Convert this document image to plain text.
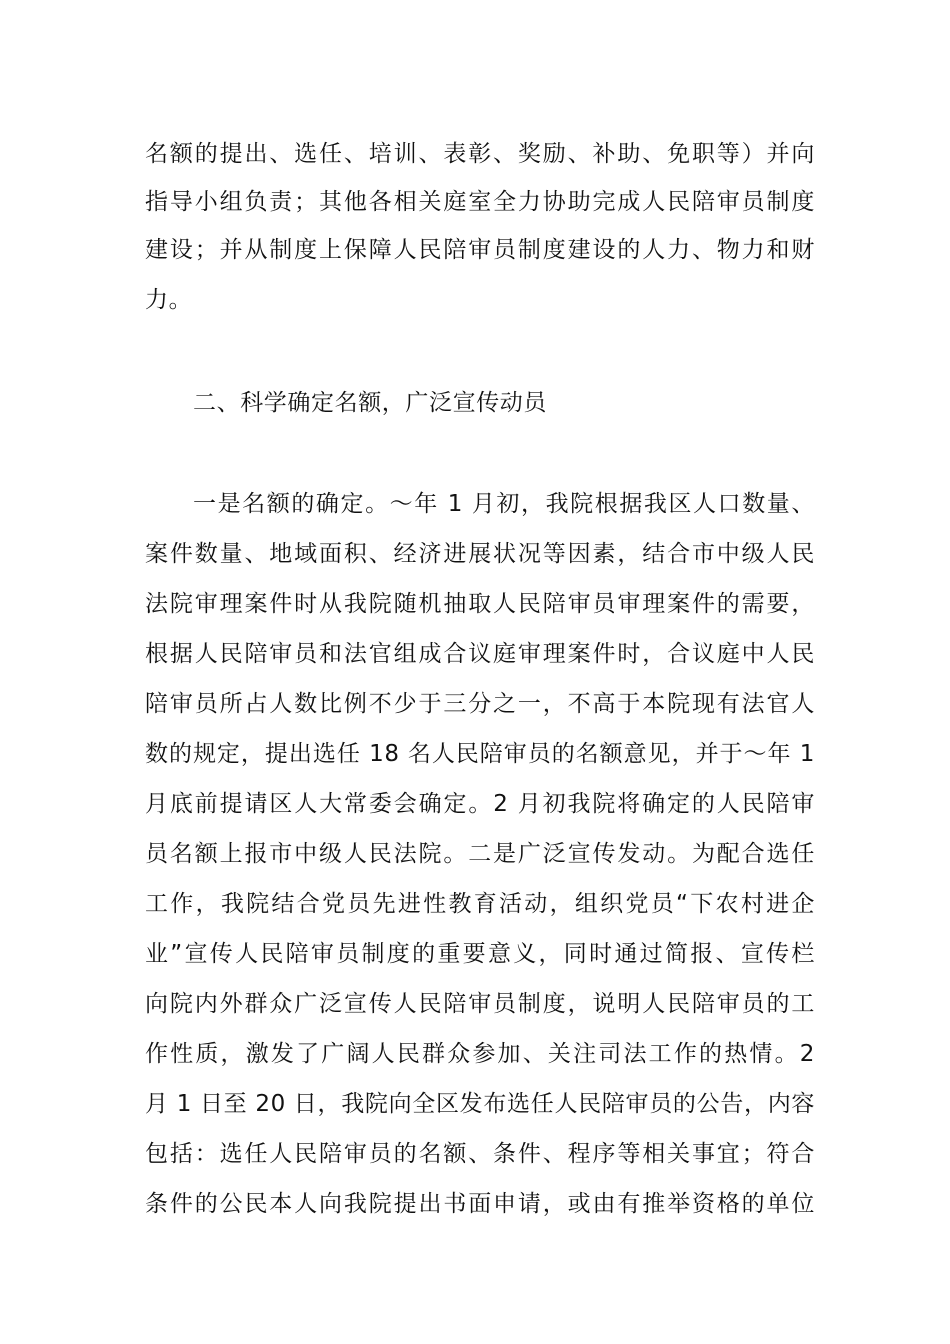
名额的提出、选任、培训、表彰、奖励、补助、免职等）并向
指导小组负责；其他各相关庭室全力协助完成人民陪审员制度
建设；并从制度上保障人民陪审员制度建设的人力、物力和财
力。
二、科学确定名额，广泛宣传动员
一是名额的确定。～年 1 月初，我院根据我区人口数量、
案件数量、地域面积、经济进展状况等因素，结合市中级人民
法院审理案件时从我院随机抽取人民陪审员审理案件的需要，
根据人民陪审员和法官组成合议庭审理案件时，合议庭中人民
陪审员所占人数比例不少于三分之一，不高于本院现有法官人
数的规定，提出选任 18 名人民陪审员的名额意见，并于～年 1
月底前提请区人大常委会确定。2 月初我院将确定的人民陪审
员名额上报市中级人民法院。二是广泛宣传发动。为配合选任
工作，我院结合党员先进性教育活动，组织党员“下农村进企
业”宣传人民陪审员制度的重要意义，同时通过简报、宣传栏
向院内外群众广泛宣传人民陪审员制度，说明人民陪审员的工
作性质，激发了广阔人民群众参加、关注司法工作的热情。2
月 1 日至 20 日，我院向全区发布选任人民陪审员的公告，内容
包括：选任人民陪审员的名额、条件、程序等相关事宜；符合
条件的公民本人向我院提出书面申请，或由有推举资格的单位
